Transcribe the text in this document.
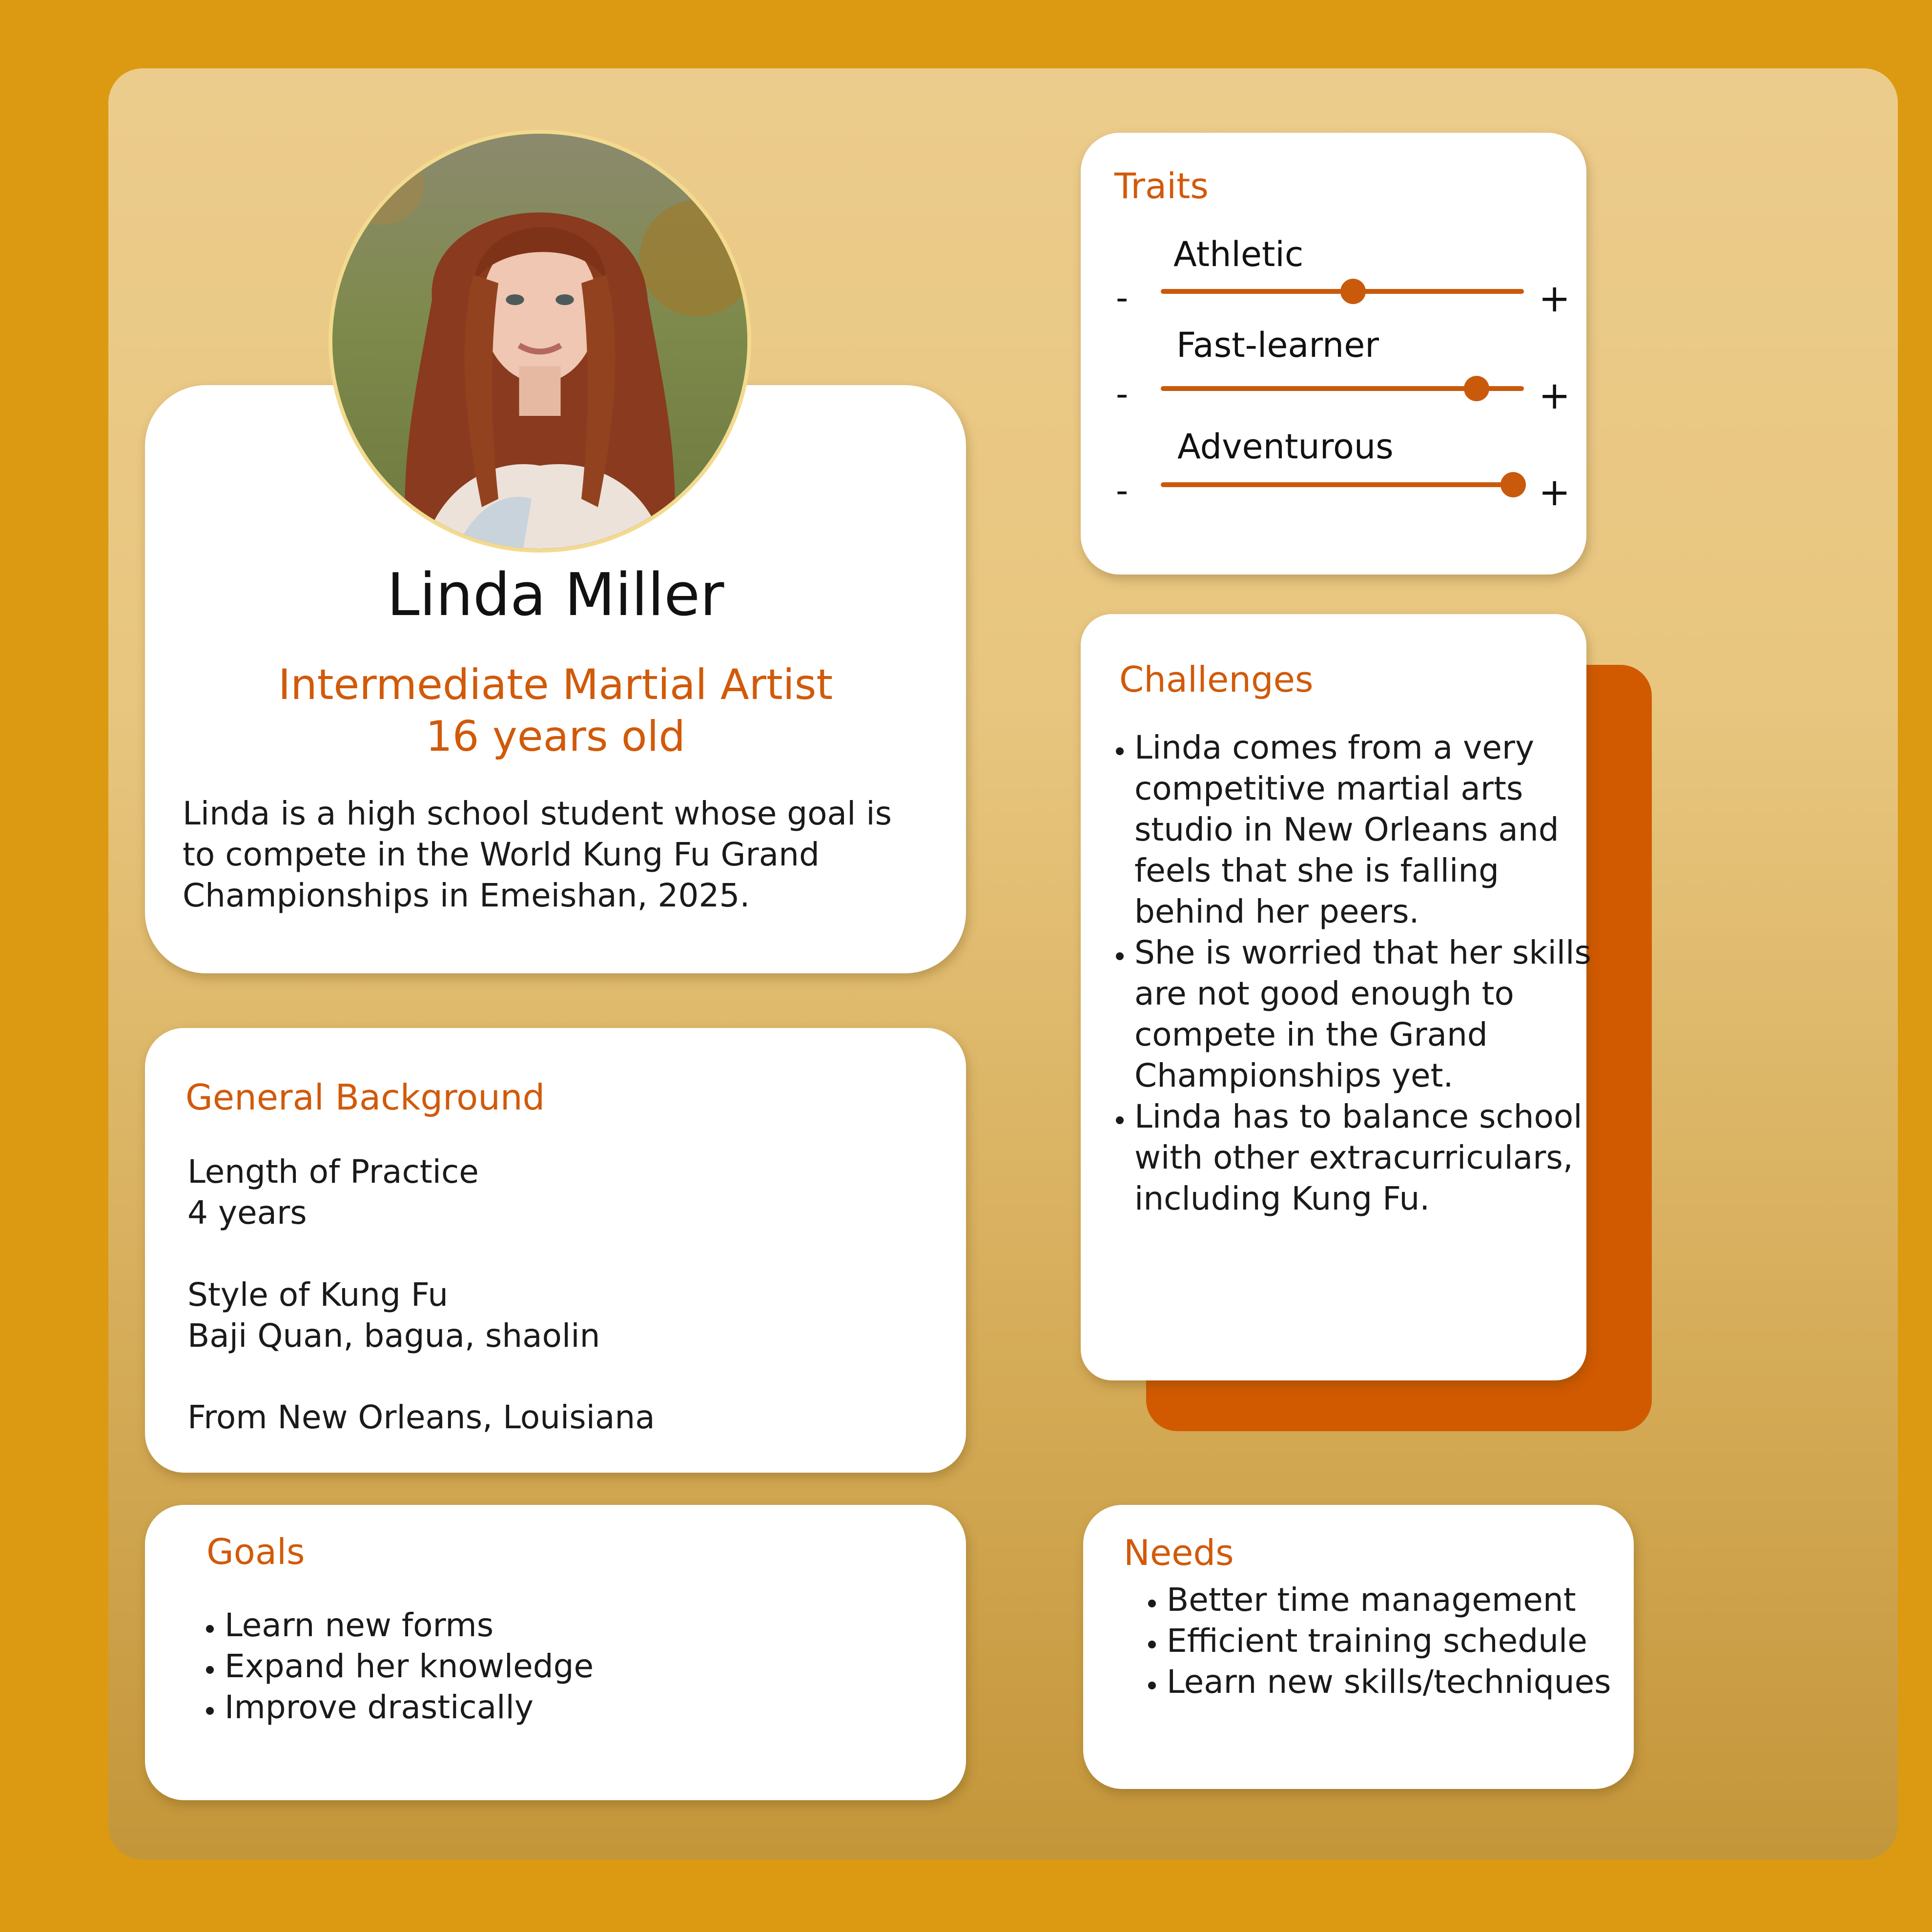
Linda Miller
Intermediate Martial Artist
16 years old
Linda is a high school student whose goal is to compete in the World Kung Fu Grand Championships in Emeishan, 2025.
General Background
Length of Practice
4 years
Style of Kung Fu
Baji Quan, bagua, shaolin
From New Orleans, Louisiana
Goals
• Learn new forms
• Expand her knowledge
• Improve drastically
Traits
Athletic
-	+
Fast-learner
-	+
Adventurous
-	+
Challenges
• Linda comes from a very competitive martial arts studio in New Orleans and feels that she is falling behind her peers.
• She is worried that her skills are not good enough to compete in the Grand Championships yet.
• Linda has to balance school with other extracurriculars, including Kung Fu.
Needs
• Better time management
• Efficient training schedule
• Learn new skills/techniques
